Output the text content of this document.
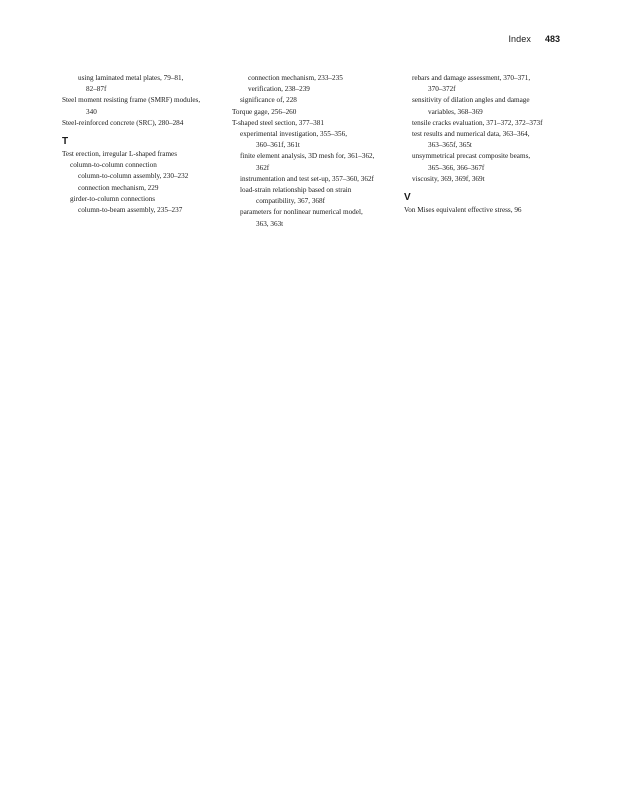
Index 483
using laminated metal plates, 79–81,
82–87f
Steel moment resisting frame (SMRF) modules,
340
Steel-reinforced concrete (SRC), 280–284
T
Test erection, irregular L-shaped frames
column-to-column connection
column-to-column assembly, 230–232
connection mechanism, 229
girder-to-column connections
column-to-beam assembly, 235–237
connection mechanism, 233–235
verification, 238–239
significance of, 228
Torque gage, 256–260
T-shaped steel section, 377–381
experimental investigation, 355–356,
360–361f, 361t
finite element analysis, 3D mesh for, 361–362,
362f
instrumentation and test set-up, 357–360, 362f
load-strain relationship based on strain
compatibility, 367, 368f
parameters for nonlinear numerical model,
363, 363t
rebars and damage assessment, 370–371,
370–372f
sensitivity of dilation angles and damage
variables, 368–369
tensile cracks evaluation, 371–372, 372–373f
test results and numerical data, 363–364,
363–365f, 365t
unsymmetrical precast composite beams,
365–366, 366–367f
viscosity, 369, 369f, 369t
V
Von Mises equivalent effective stress, 96
